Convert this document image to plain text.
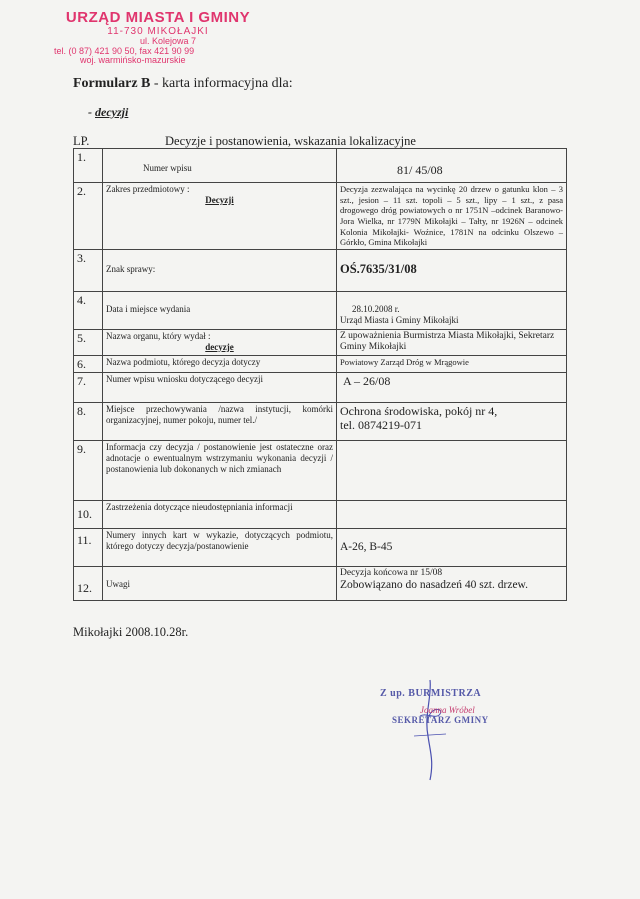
URZĄD MIASTA I GMINY
11-730 MIKOŁAJKI
ul. Kolejowa 7
tel. (0 87) 421 90 50, fax 421 90 99
woj. warmińsko-mazurskie
Formularz B - karta informacyjna dla:
- decyzji
LP.	Decyzje i postanowienia, wskazania lokalizacyjne
1.	Numer wpisu	81/ 45/08
2.	Zakres przedmiotowy :
Decyzji	Decyzja zezwalająca na wycinkę 20 drzew o gatunku klon – 3 szt., jesion – 11 szt. topoli – 5 szt., lipy – 1 szt., z pasa drogowego dróg powiatowych o nr 1751N –odcinek Baranowo- Jora Wielka, nr 1779N Mikołajki – Tałty, nr 1926N – odcinek Kolonia Mikołajki- Woźnice, 1781N na odcinku Olszewo – Górkło, Gmina Mikołajki
3.	Znak sprawy:	OŚ.7635/31/08
4.	Data i miejsce wydania	28.10.2008 r.
Urząd Miasta i Gminy Mikołajki

5.	Nazwa organu, który wydał :
decyzje	Z upoważnienia Burmistrza Miasta Mikołajki, Sekretarz Gminy Mikołajki
6.	Nazwa podmiotu, którego decyzja dotyczy	Powiatowy Zarząd Dróg w Mrągowie
7.	Numer wpisu wniosku dotyczącego decyzji	A – 26/08
8.	Miejsce przechowywania /nazwa instytucji, komórki organizacyjnej, numer pokoju, numer tel./	Ochrona środowiska, pokój nr 4,
tel. 0874219-071

9.	Informacja czy decyzja / postanowienie jest ostateczne oraz adnotacje o ewentualnym wstrzymaniu wykonania decyzji / postanowienia lub dokonanych w nich zmianach	
10.	Zastrzeżenia dotyczące nieudostępniania informacji	
11.	Numery innych kart w wykazie, dotyczących podmiotu, którego dotyczy decyzja/postanowienie	A-26, B-45
12.	Uwagi	Decyzja końcowa nr 15/08
Zobowiązano do nasadzeń 40 szt. drzew.
Mikołajki 2008.10.28r.
Z up. BURMISTRZA
Joanna Wróbel
SEKRETARZ GMINY
